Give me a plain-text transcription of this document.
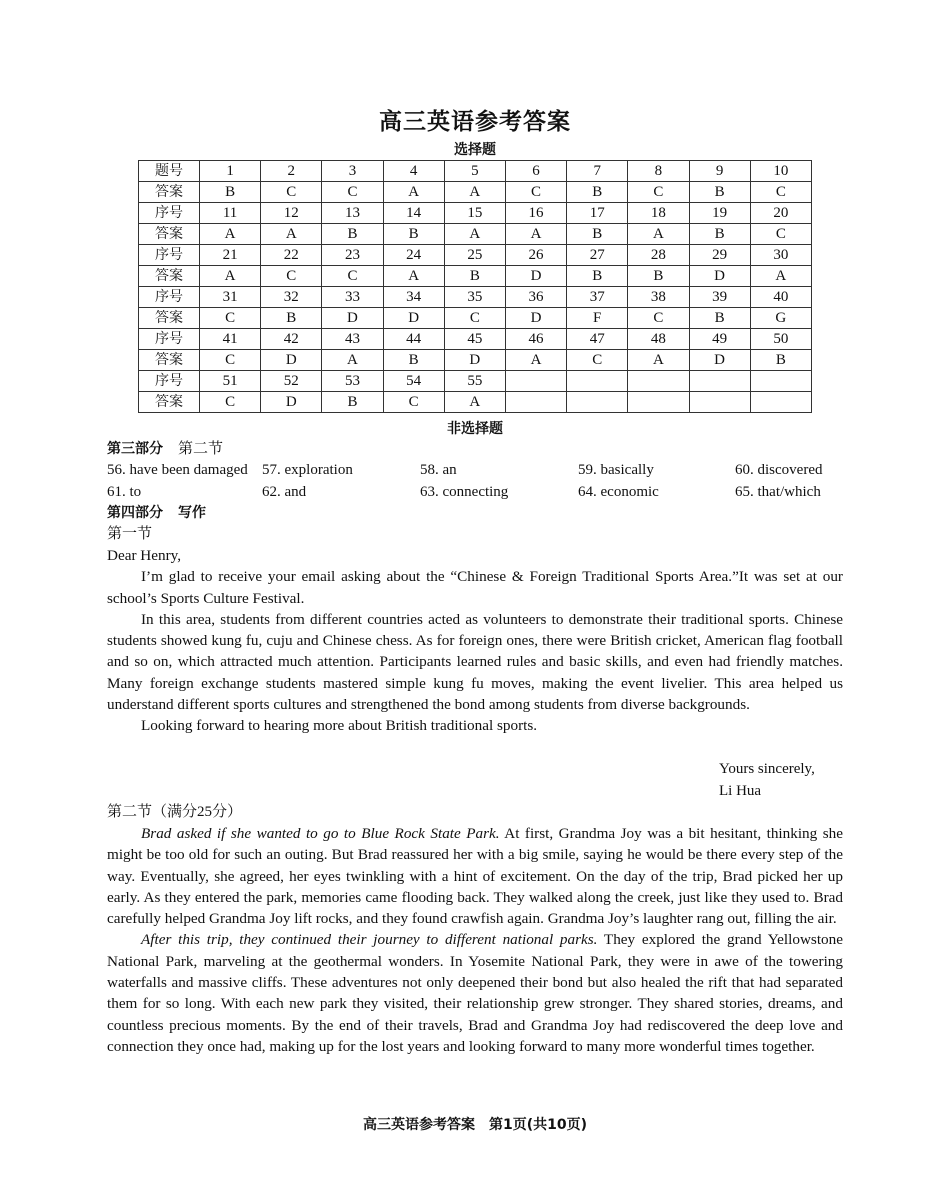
高三英语参考答案
选择题
题号	1	2	3	4	5	6	7	8	9	10
答案	B	C	C	A	A	C	B	C	B	C
序号	11	12	13	14	15	16	17	18	19	20
答案	A	A	B	B	A	A	B	A	B	C
序号	21	22	23	24	25	26	27	28	29	30
答案	A	C	C	A	B	D	B	B	D	A
序号	31	32	33	34	35	36	37	38	39	40
答案	C	B	D	D	C	D	F	C	B	G
序号	41	42	43	44	45	46	47	48	49	50
答案	C	D	A	B	D	A	C	A	D	B
序号	51	52	53	54	55					
答案	C	D	B	C	A					
非选择题
第三部分　 第二节
56. have been damaged 57. exploration	58. an	59. basically	60. discovered
61. to	62. and	63. connecting	64. economic	65. that/which
第四部分　 写作
第一节

Dear Henry,

I’m glad to receive your email asking about the “Chinese & Foreign Traditional Sports Area.”It was set at our school’s Sports Culture Festival.

In this area, students from different countries acted as volunteers to demonstrate their traditional sports. Chinese students showed kung fu, cuju and Chinese chess. As for foreign ones, there were British cricket, American flag football and so on, which attracted much attention. Participants learned rules and basic skills, and even had friendly matches. Many foreign exchange students mastered simple kung fu moves, making the event livelier. This area helped us understand different sports cultures and strengthened the bond among students from diverse backgrounds.

Looking forward to hearing more about British traditional sports.

Yours sincerely,
Li Hua
第二节（满分25分）

Brad asked if she wanted to go to Blue Rock State Park. At first, Grandma Joy was a bit hesitant, thinking she might be too old for such an outing. But Brad reassured her with a big smile, saying he would be there every step of the way. Eventually, she agreed, her eyes twinkling with a hint of excitement. On the day of the trip, Brad picked her up early. As they entered the park, memories came flooding back. They walked along the creek, just like they used to. Brad carefully helped Grandma Joy lift rocks, and they found crawfish again. Grandma Joy’s laughter rang out, filling the air.

After this trip, they continued their journey to different national parks. They explored the grand Yellowstone National Park, marveling at the geothermal wonders. In Yosemite National Park, they were in awe of the towering waterfalls and massive cliffs. These adventures not only deepened their bond but also healed the rift that had separated them for so long. With each new park they visited, their relationship grew stronger. They shared stories, dreams, and countless precious moments. By the end of their travels, Brad and Grandma Joy had rediscovered the deep love and connection they once had, making up for the lost years and looking forward to many more wonderful times together.

高三英语参考答案　第1页(共10页)
